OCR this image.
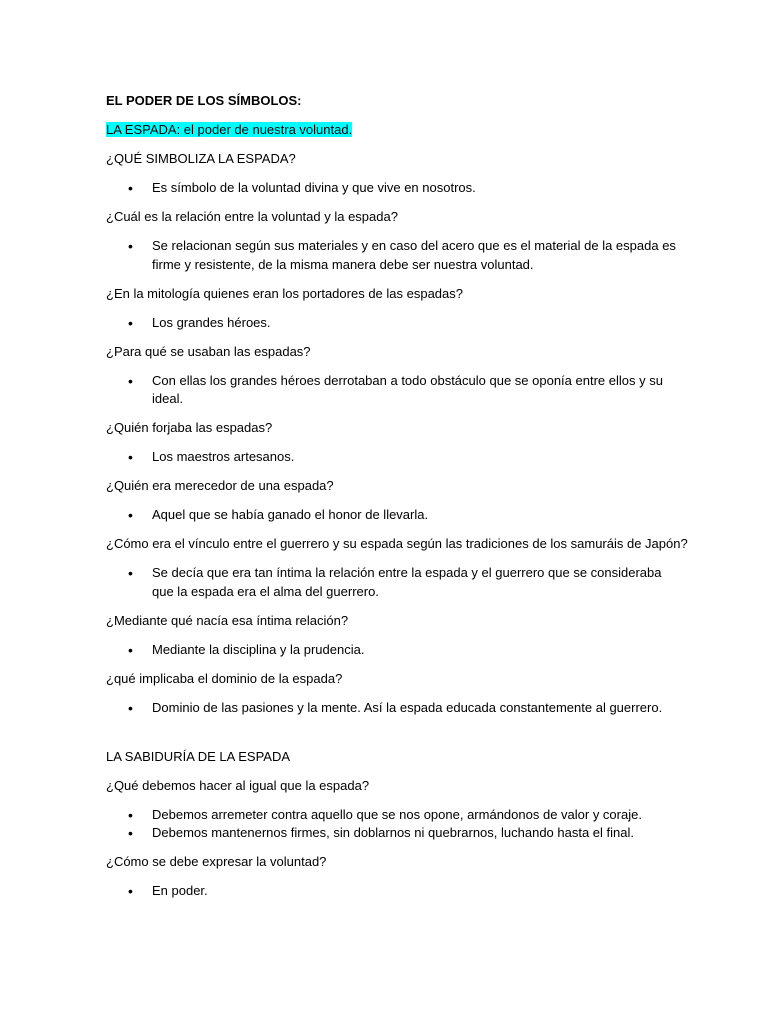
EL PODER DE LOS SÍMBOLOS:

LA ESPADA: el poder de nuestra voluntad.

¿QUÉ SIMBOLIZA LA ESPADA?

• Es símbolo de la voluntad divina y que vive en nosotros.

¿Cuál es la relación entre la voluntad y la espada?

• Se relacionan según sus materiales y en caso del acero que es el material de la espada es firme y resistente, de la misma manera debe ser nuestra voluntad.

¿En la mitología quienes eran los portadores de las espadas?

• Los grandes héroes.

¿Para qué se usaban las espadas?

• Con ellas los grandes héroes derrotaban a todo obstáculo que se oponía entre ellos y su ideal.

¿Quién forjaba las espadas?

• Los maestros artesanos.

¿Quién era merecedor de una espada?

• Aquel que se había ganado el honor de llevarla.

¿Cómo era el vínculo entre el guerrero y su espada según las tradiciones de los samuráis de Japón?

• Se decía que era tan íntima la relación entre la espada y el guerrero que se consideraba que la espada era el alma del guerrero.

¿Mediante qué nacía esa íntima relación?

• Mediante la disciplina y la prudencia.

¿qué implicaba el dominio de la espada?

• Dominio de las pasiones y la mente. Así la espada educada constantemente al guerrero.

LA SABIDURÍA DE LA ESPADA

¿Qué debemos hacer al igual que la espada?

• Debemos arremeter contra aquello que se nos opone, armándonos de valor y coraje.
• Debemos mantenernos firmes, sin doblarnos ni quebrarnos, luchando hasta el final.

¿Cómo se debe expresar la voluntad?

• En poder.
